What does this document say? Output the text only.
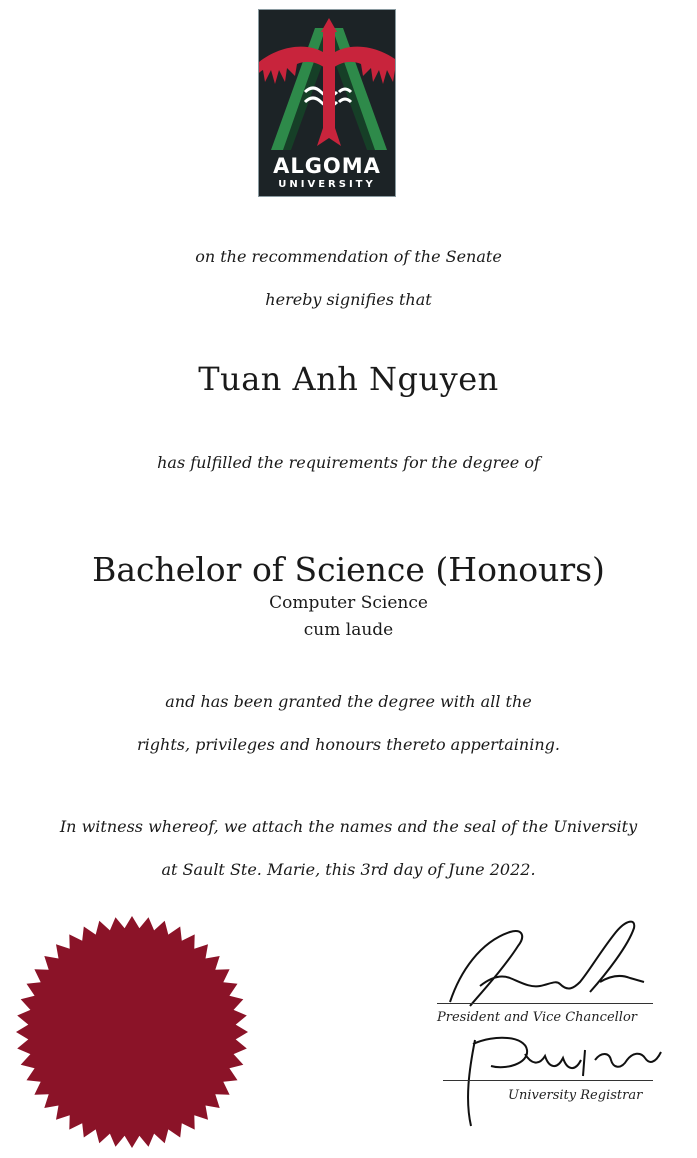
ALGOMA
UNIVERSITY
on the recommendation of the Senate
hereby signifies that
Tuan Anh Nguyen
has fulfilled the requirements for the degree of
Bachelor of Science (Honours)
Computer Science
cum laude
and has been granted the degree with all the
rights, privileges and honours thereto appertaining.
In witness whereof, we attach the names and the seal of the University
at Sault Ste. Marie, this 3rd day of June 2022.
President and Vice Chancellor
University Registrar
